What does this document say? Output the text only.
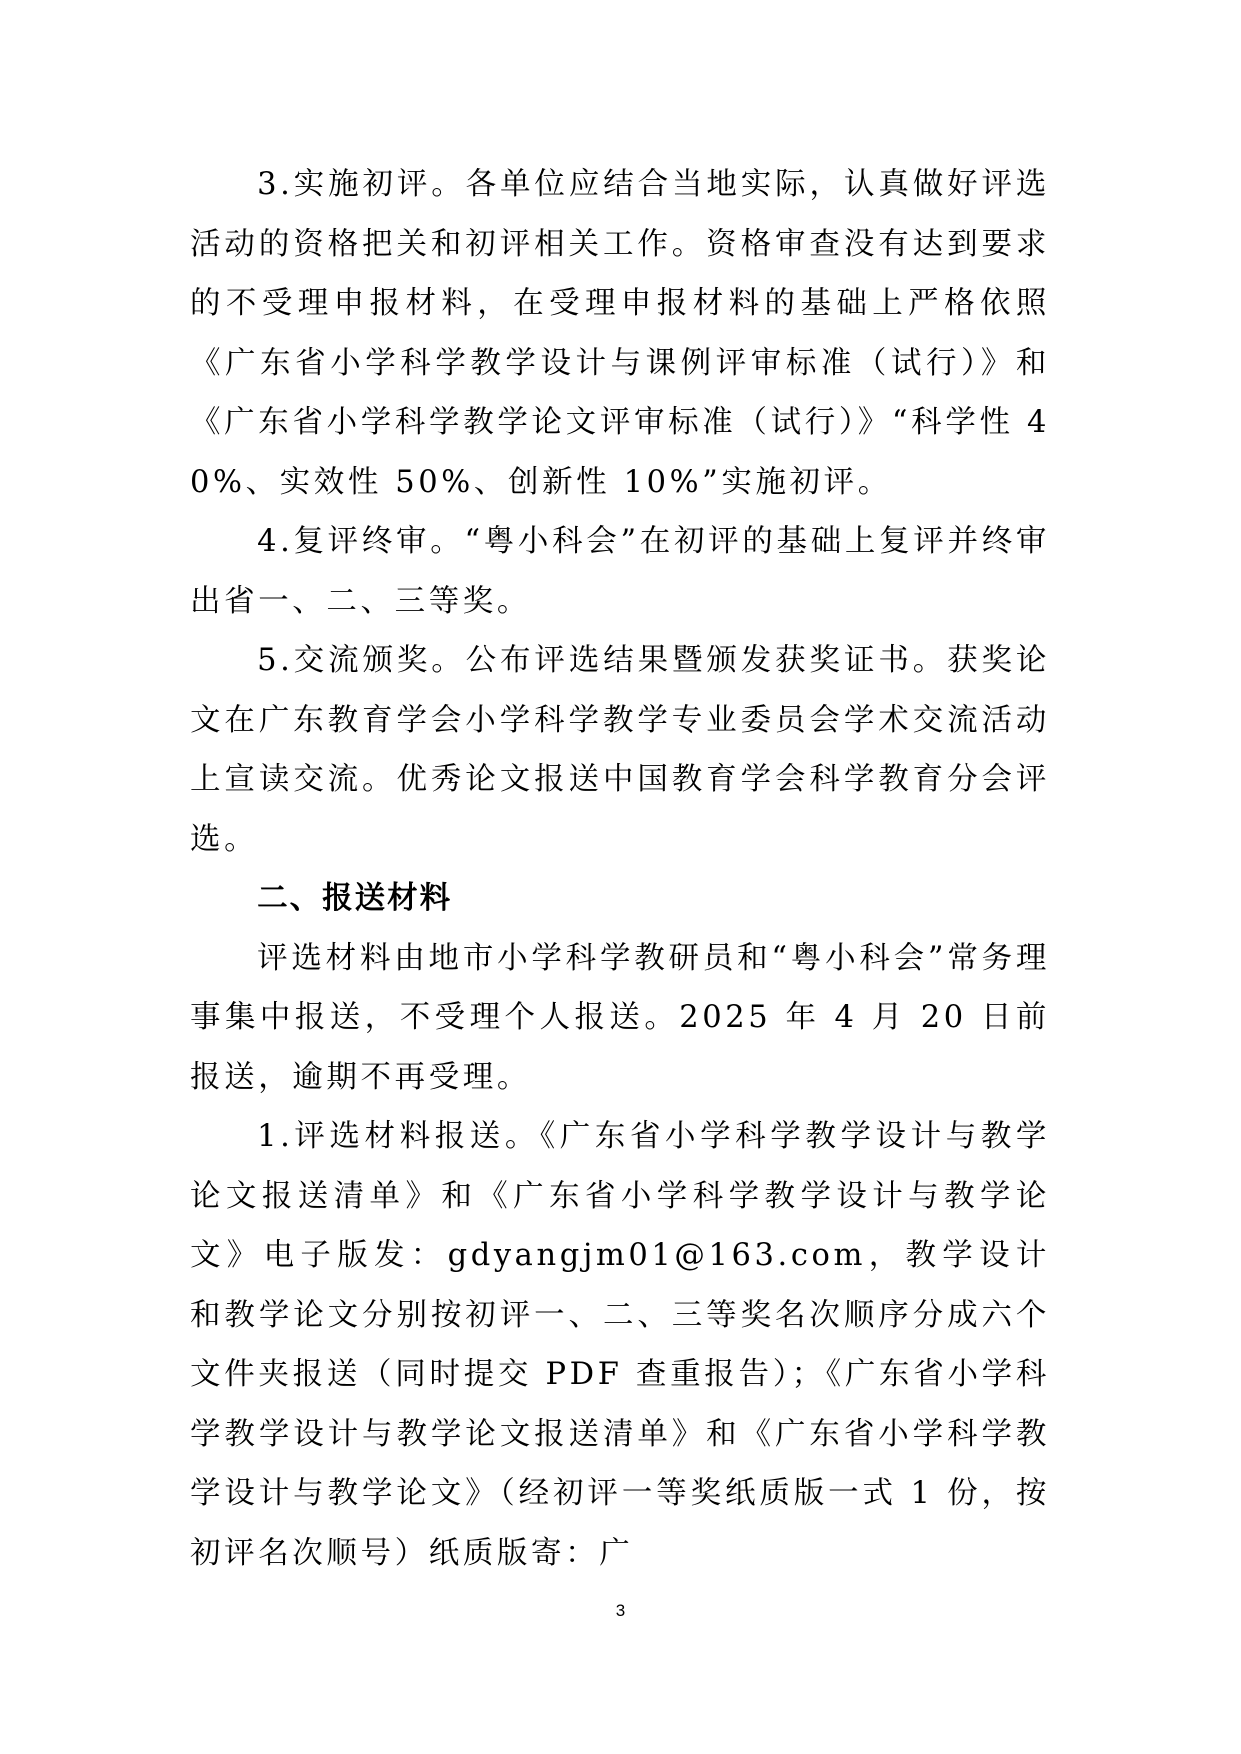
3.实施初评。各单位应结合当地实际，认真做好评选活动的资格把关和初评相关工作。资格审查没有达到要求的不受理申报材料，在受理申报材料的基础上严格依照《广东省小学科学教学设计与课例评审标准（试行）》和《广东省小学科学教学论文评审标准（试行）》“科学性 40%、实效性 50%、创新性 10%”实施初评。

4.复评终审。“粤小科会”在初评的基础上复评并终审出省一、二、三等奖。

5.交流颁奖。公布评选结果暨颁发获奖证书。获奖论文在广东教育学会小学科学教学专业委员会学术交流活动上宣读交流。优秀论文报送中国教育学会科学教育分会评选。

二、报送材料

评选材料由地市小学科学教研员和“粤小科会”常务理事集中报送，不受理个人报送。2025 年 4 月 20 日前报送，逾期不再受理。

1.评选材料报送。《广东省小学科学教学设计与教学论文报送清单》和《广东省小学科学教学设计与教学论文》电子版发：gdyangjm01@163.com，教学设计和教学论文分别按初评一、二、三等奖名次顺序分成六个文件夹报送（同时提交 PDF 查重报告）；《广东省小学科学教学设计与教学论文报送清单》和《广东省小学科学教学设计与教学论文》（经初评一等奖纸质版一式 1 份，按初评名次顺号）纸质版寄：广

3
